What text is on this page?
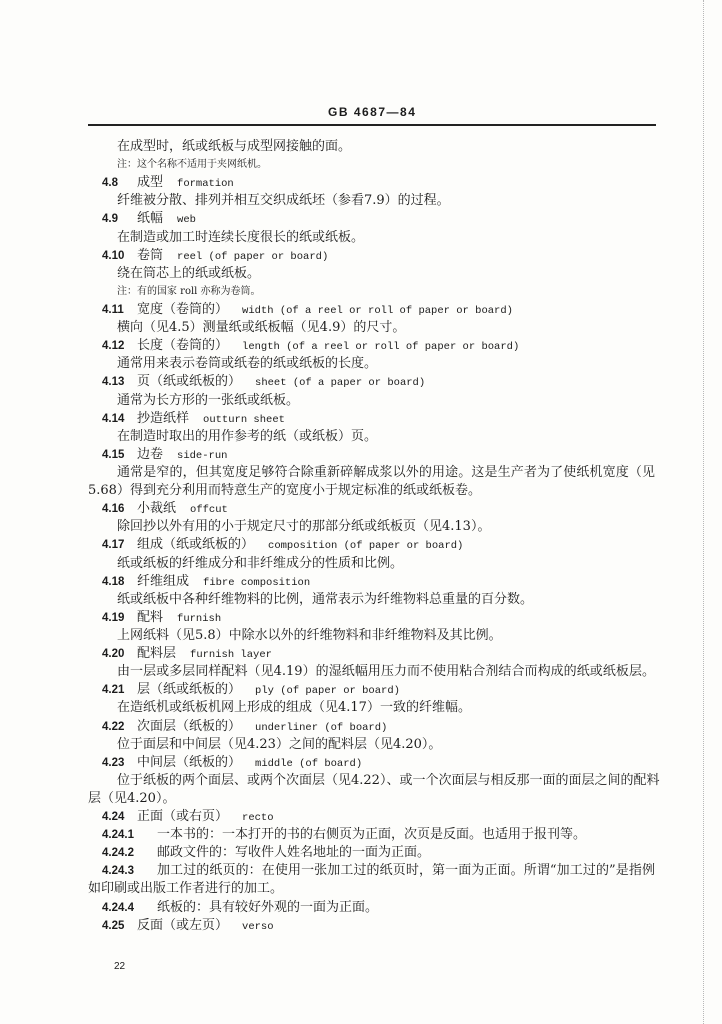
GB 4687—84
在成型时，纸或纸板与成型网接触的面。
注：这个名称不适用于夹网纸机。
4.8 成型 formation
纤维被分散、排列并相互交织成纸坯（参看7.9）的过程。
4.9 纸幅 web
在制造或加工时连续长度很长的纸或纸板。
4.10 卷筒 reel (of paper or board)
绕在筒芯上的纸或纸板。
注：有的国家 roll 亦称为卷筒。
4.11 宽度（卷筒的） width (of a reel or roll of paper or board)
横向（见4.5）测量纸或纸板幅（见4.9）的尺寸。
4.12 长度（卷筒的） length (of a reel or roll of paper or board)
通常用来表示卷筒或纸卷的纸或纸板的长度。
4.13 页（纸或纸板的） sheet (of a paper or board)
通常为长方形的一张纸或纸板。
4.14 抄造纸样 outturn sheet
在制造时取出的用作参考的纸（或纸板）页。
4.15 边卷 side-run
通常是窄的，但其宽度足够符合除重新碎解成浆以外的用途。这是生产者为了使纸机宽度（见
5.68）得到充分利用而特意生产的宽度小于规定标准的纸或纸板卷。
4.16 小裁纸 offcut
除回抄以外有用的小于规定尺寸的那部分纸或纸板页（见4.13）。
4.17 组成（纸或纸板的） composition (of paper or board)
纸或纸板的纤维成分和非纤维成分的性质和比例。
4.18 纤维组成 fibre composition
纸或纸板中各种纤维物料的比例，通常表示为纤维物料总重量的百分数。
4.19 配料 furnish
上网纸料（见5.8）中除水以外的纤维物料和非纤维物料及其比例。
4.20 配料层 furnish layer
由一层或多层同样配料（见4.19）的湿纸幅用压力而不使用粘合剂结合而构成的纸或纸板层。
4.21 层（纸或纸板的） ply (of paper or board)
在造纸机或纸板机网上形成的组成（见4.17）一致的纤维幅。
4.22 次面层（纸板的） underliner (of board)
位于面层和中间层（见4.23）之间的配料层（见4.20）。
4.23 中间层（纸板的） middle (of board)
位于纸板的两个面层、或两个次面层（见4.22）、或一个次面层与相反那一面的面层之间的配料
层（见4.20）。
4.24 正面（或右页） recto
4.24.1 一本书的：一本打开的书的右侧页为正面，次页是反面。也适用于报刊等。
4.24.2 邮政文件的：写收件人姓名地址的一面为正面。
4.24.3 加工过的纸页的：在使用一张加工过的纸页时，第一面为正面。所谓“加工过的”是指例
如印刷或出版工作者进行的加工。
4.24.4 纸板的：具有较好外观的一面为正面。
4.25 反面（或左页） verso
22
